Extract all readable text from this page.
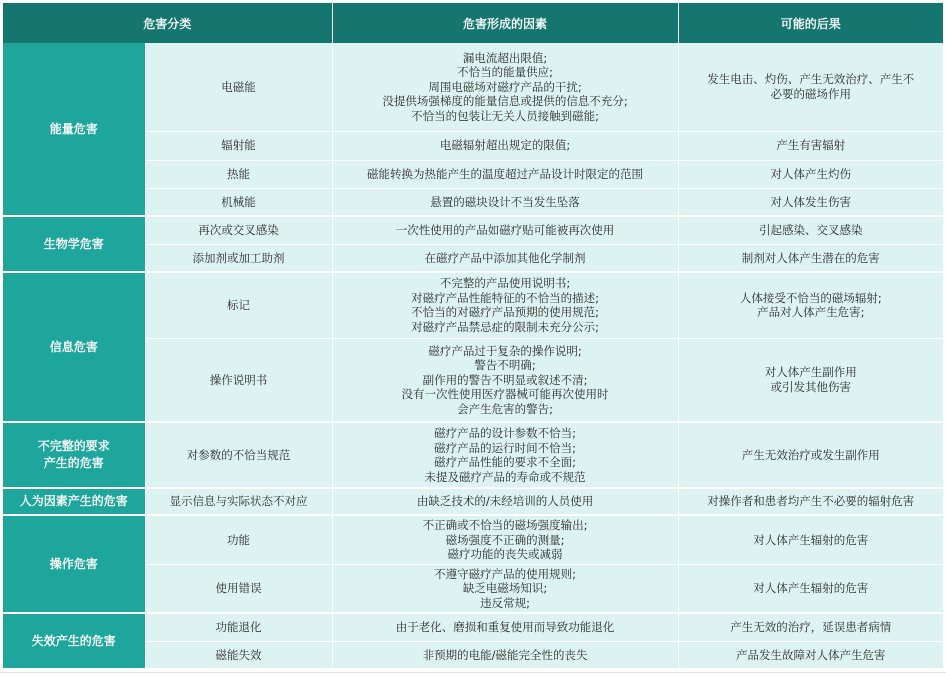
危害分类		危害形成的因素	可能的后果

能量危害	电磁能	漏电流超出限值;
不恰当的能量供应;
周围电磁场对磁疗产品的干扰;
没提供场强梯度的能量信息或提供的信息不充分;
不恰当的包装让无关人员接触到磁能;	发生电击、灼伤、产生无效治疗、产生不
必要的磁场作用

	辐射能	电磁辐射超出规定的限值;	产生有害辐射

	热能	磁能转换为热能产生的温度超过产品设计时限定的范围	对人体产生灼伤

	机械能	悬置的磁块设计不当发生坠落	对人体发生伤害

生物学危害	再次或交叉感染	一次性使用的产品如磁疗贴可能被再次使用	引起感染、交叉感染

	添加剂或加工助剂	在磁疗产品中添加其他化学制剂	制剂对人体产生潜在的危害

信息危害	标记	不完整的产品使用说明书;
对磁疗产品性能特征的不恰当的描述;
不恰当的对磁疗产品预期的使用规范;
对磁疗产品禁忌症的限制未充分公示;	人体接受不恰当的磁场辐射;
产品对人体产生危害;

	操作说明书	磁疗产品过于复杂的操作说明;
警告不明确;
副作用的警告不明显或叙述不清;
没有一次性使用医疗器械可能再次使用时
会产生危害的警告;	对人体产生副作用
或引发其他伤害

不完整的要求
产生的危害	对参数的不恰当规范	磁疗产品的设计参数不恰当;
磁疗产品的运行时间不恰当;
磁疗产品性能的要求不全面;
未提及磁疗产品的寿命或不规范	产生无效治疗或发生副作用

人为因素产生的危害	显示信息与实际状态不对应	由缺乏技术的/未经培训的人员使用	对操作者和患者均产生不必要的辐射危害

操作危害	功能	不正确或不恰当的磁场强度输出;
磁场强度不正确的测量;
磁疗功能的丧失或减弱	对人体产生辐射的危害

	使用错误	不遵守磁疗产品的使用规则;
缺乏电磁场知识;
违反常规;	对人体产生辐射的危害

失效产生的危害	功能退化	由于老化、磨损和重复使用而导致功能退化	产生无效的治疗，延误患者病情

	磁能失效	非预期的电能/磁能完全性的丧失	产品发生故障对人体产生危害
